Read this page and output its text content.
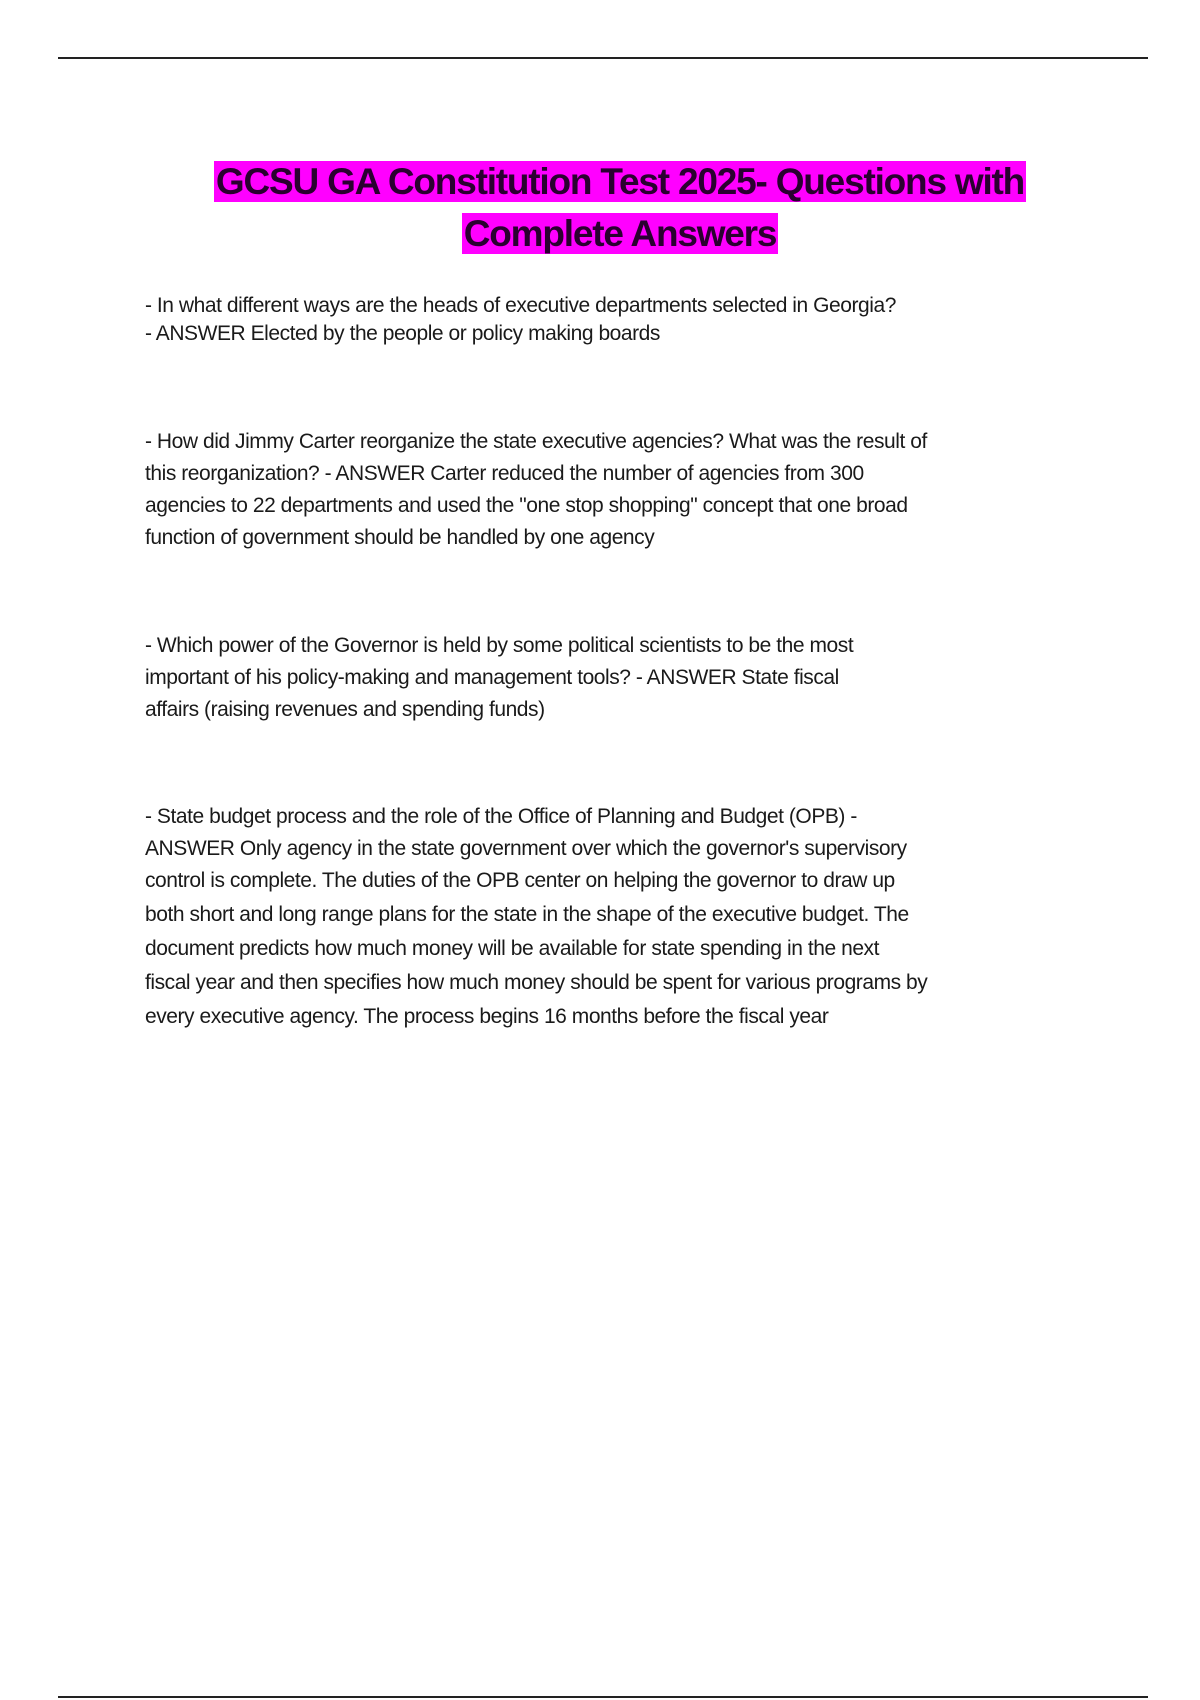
GCSU GA Constitution Test 2025- Questions with
Complete Answers
- In what different ways are the heads of executive departments selected in Georgia?
- ANSWER Elected by the people or policy making boards
- How did Jimmy Carter reorganize the state executive agencies? What was the result of
this reorganization? - ANSWER Carter reduced the number of agencies from 300
agencies to 22 departments and used the "one stop shopping" concept that one broad
function of government should be handled by one agency
- Which power of the Governor is held by some political scientists to be the most
important of his policy-making and management tools? - ANSWER State fiscal
affairs (raising revenues and spending funds)
- State budget process and the role of the Office of Planning and Budget (OPB) -
ANSWER Only agency in the state government over which the governor's supervisory
control is complete. The duties of the OPB center on helping the governor to draw up
both short and long range plans for the state in the shape of the executive budget. The
document predicts how much money will be available for state spending in the next
fiscal year and then specifies how much money should be spent for various programs by
every executive agency. The process begins 16 months before the fiscal year
